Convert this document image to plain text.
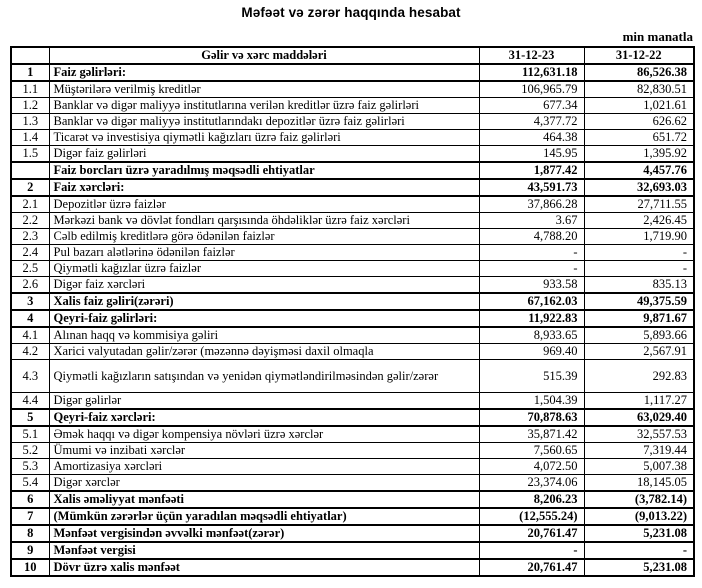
Məfəət və zərər haqqında hesabat
min manatla
	Gəlir və xərc maddələri	31-12-23	31-12-22
1	Faiz gəlirləri:	112,631.18	86,526.38
1.1	Müştərilərə verilmiş kreditlər	106,965.79	82,830.51
1.2	Banklar və digər maliyyə institutlarına verilən kreditlər üzrə faiz gəlirləri	677.34	1,021.61
1.3	Banklar və digər maliyyə institutlarındakı depozitlər üzrə faiz gəlirləri	4,377.72	626.62
1.4	Ticarət və investisiya qiymətli kağızları üzrə faiz gəlirləri	464.38	651.72
1.5	Digər faiz gəlirləri	145.95	1,395.92
	Faiz borcları üzrə yaradılmış məqsədli ehtiyatlar	1,877.42	4,457.76
2	Faiz xərcləri:	43,591.73	32,693.03
2.1	Depozitlər üzrə faizlər	37,866.28	27,711.55
2.2	Mərkəzi bank və dövlət fondları qarşısında öhdəliklər üzrə faiz xərcləri	3.67	2,426.45
2.3	Cəlb edilmiş kreditlərə görə ödənilən faizlər	4,788.20	1,719.90
2.4	Pul bazarı alətlərinə ödənilən faizlər	-	-
2.5	Qiymətli kağızlar üzrə faizlər	-	-
2.6	Digər faiz xərcləri	933.58	835.13
3	Xalis faiz gəliri(zərəri)	67,162.03	49,375.59
4	Qeyri-faiz gəlirləri:	11,922.83	9,871.67
4.1	Alınan haqq və kommisiya gəliri	8,933.65	5,893.66
4.2	Xarici valyutadan gəlir/zərər (məzənnə dəyişməsi daxil olmaqla	969.40	2,567.91
4.3	Qiymətli kağızların satışından və yenidən qiymətləndirilməsindən gəlir/zərər	515.39	292.83
4.4	Digər gəlirlər	1,504.39	1,117.27
5	Qeyri-faiz xərcləri:	70,878.63	63,029.40
5.1	Əmək haqqı və digər kompensiya növləri üzrə xərclər	35,871.42	32,557.53
5.2	Ümumi və inzibati xərclər	7,560.65	7,319.44
5.3	Amortizasiya xərcləri	4,072.50	5,007.38
5.4	Digər xərclər	23,374.06	18,145.05
6	Xalis əməliyyat mənfəəti	8,206.23	(3,782.14)
7	(Mümkün zərərlər üçün yaradılan məqsədli ehtiyatlar)	(12,555.24)	(9,013.22)
8	Mənfəət vergisindən əvvəlki mənfəət(zərər)	20,761.47	5,231.08
9	Mənfəət vergisi	-	-
10	Dövr üzrə xalis mənfəət	20,761.47	5,231.08
